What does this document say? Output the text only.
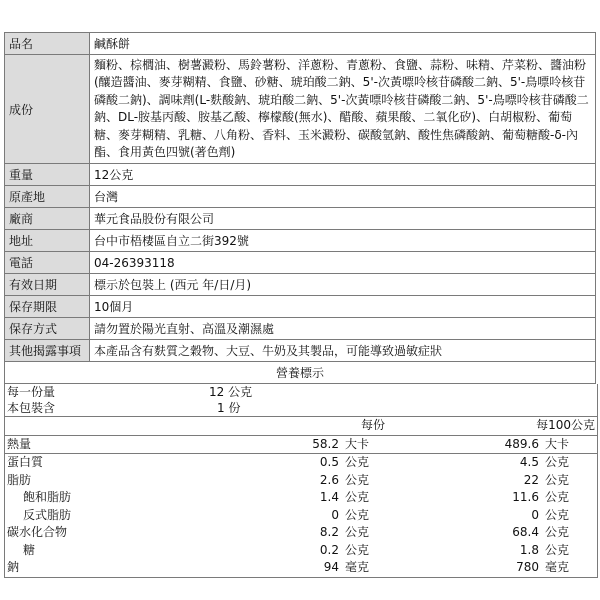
品名	鹹酥餅
成份	麵粉、棕櫚油、樹薯澱粉、馬鈴薯粉、洋蔥粉、青蔥粉、食鹽、蒜粉、味精、芹菜粉、醬油粉(釀造醬油、麥芽糊精、食鹽、砂糖、琥珀酸二鈉、5'-次黃嘌呤核苷磷酸二鈉、5'-鳥嘌呤核苷磷酸二鈉)、調味劑(L-麩酸鈉、琥珀酸二鈉、5'-次黃嘌呤核苷磷酸二鈉、5'-鳥嘌呤核苷磷酸二鈉、DL-胺基丙酸、胺基乙酸、檸檬酸(無水)、醋酸、蘋果酸、二氧化矽)、白胡椒粉、葡萄糖、麥芽糊精、乳糖、八角粉、香料、玉米澱粉、碳酸氫鈉、酸性焦磷酸鈉、葡萄糖酸-δ-內酯、食用黃色四號(著色劑)
重量	12公克
原產地	台灣
廠商	華元食品股份有限公司
地址	台中市梧棲區自立二街392號
電話	04-26393118
有效日期	標示於包裝上 (西元 年/日/月)
保存期限	10個月
保存方式	請勿置於陽光直射、高溫及潮濕處
其他揭露事項	本產品含有麩質之穀物、大豆、牛奶及其製品，可能導致過敏症狀
營養標示
每一份量	12 公克			
本包裝含	1 份			
	每份		每100公克	
熱量	58.2	大卡	489.6	大卡
蛋白質	0.5	公克	4.5	公克
脂肪	2.6	公克	22	公克
飽和脂肪	1.4	公克	11.6	公克
反式脂肪	0	公克	0	公克
碳水化合物	8.2	公克	68.4	公克
糖	0.2	公克	1.8	公克
鈉	94	毫克	780	毫克
